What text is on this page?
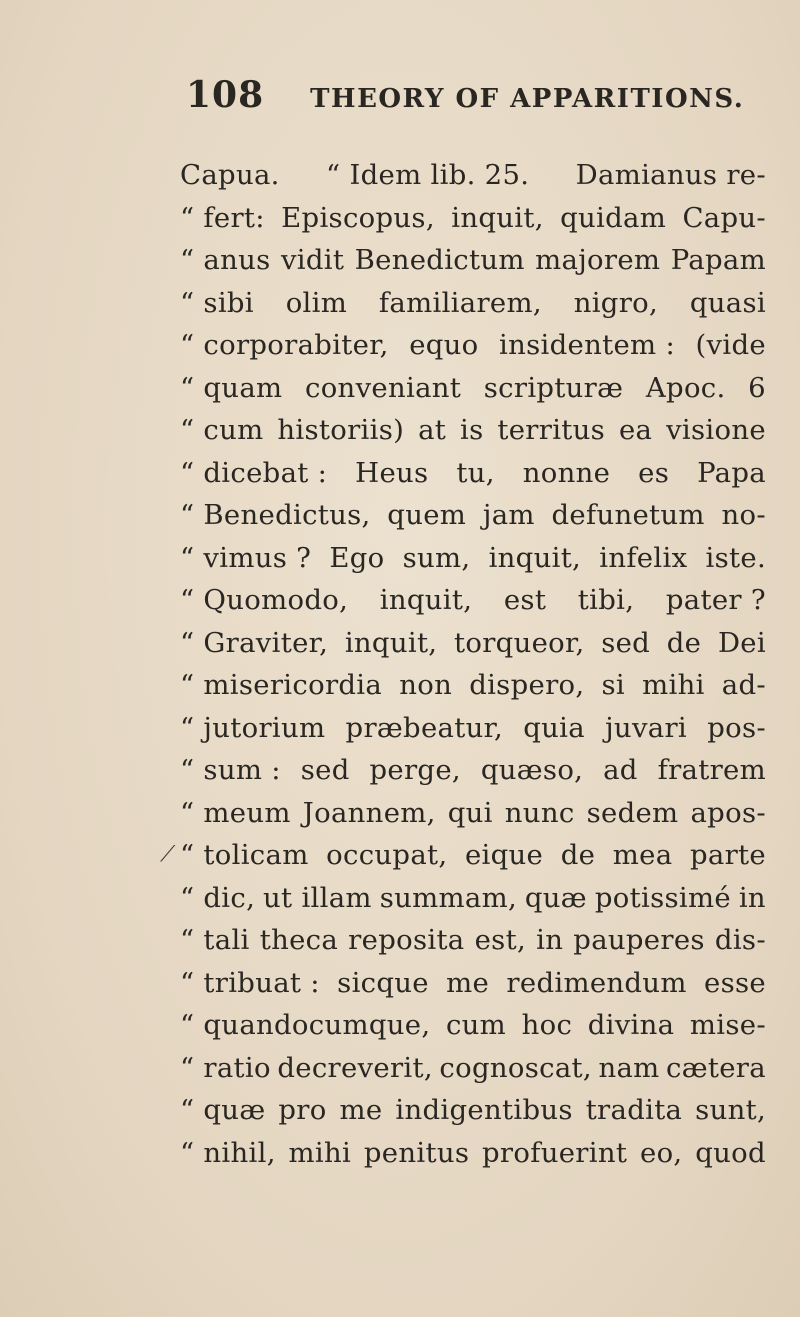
108 THEORY OF APPARITIONS.
Capua. “ Idem lib. 25. Damianus re-
“ fert: Episcopus, inquit, quidam Capu-
“ anus vidit Benedictum majorem Papam
“ sibi olim familiarem, nigro, quasi
“ corporabiter, equo insidentem : (vide
“ quam conveniant scripturæ Apoc. 6
“ cum historiis) at is territus ea visione
“ dicebat : Heus tu, nonne es Papa
“ Benedictus, quem jam defunetum no-
“ vimus ? Ego sum, inquit, infelix iste.
“ Quomodo, inquit, est tibi, pater ?
“ Graviter, inquit, torqueor, sed de Dei
“ misericordia non dispero, si mihi ad-
“ jutorium præbeatur, quia juvari pos-
“ sum : sed perge, quæso, ad fratrem
“ meum Joannem, qui nunc sedem apos-
“ tolicam occupat, eique de mea parte
“ dic, ut illam summam, quæ potissimé in
“ tali theca reposita est, in pauperes dis-
“ tribuat : sicque me redimendum esse
“ quandocumque, cum hoc divina mise-
“ ratio decreverit, cognoscat, nam cætera
“ quæ pro me indigentibus tradita sunt,
“ nihil, mihi penitus profuerint eo, quod
⟋
